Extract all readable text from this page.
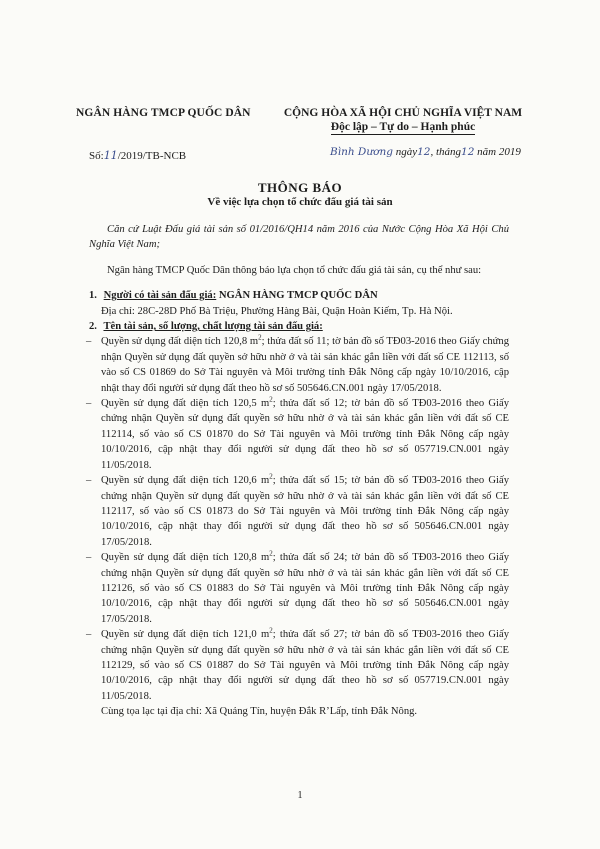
NGÂN HÀNG TMCP QUỐC DÂN	CỘNG HÒA XÃ HỘI CHỦ NGHĨA VIỆT NAM
Độc lập – Tự do – Hạnh phúc
Số:11/2019/TB-NCB	Bình Dương ngày12, tháng12 năm 2019
THÔNG BÁO
Về việc lựa chọn tổ chức đấu giá tài sản

Căn cứ Luật Đấu giá tài sản số 01/2016/QH14 năm 2016 của Nước Cộng Hòa Xã Hội Chủ Nghĩa Việt Nam;

Ngân hàng TMCP Quốc Dân thông báo lựa chọn tổ chức đấu giá tài sản, cụ thể như sau:

1. Người có tài sản đấu giá: NGÂN HÀNG TMCP QUỐC DÂN

Địa chỉ: 28C-28D Phố Bà Triệu, Phường Hàng Bài, Quận Hoàn Kiếm, Tp. Hà Nội.

2. Tên tài sản, số lượng, chất lượng tài sản đấu giá:

– Quyền sử dụng đất diện tích 120,8 $m^2$; thửa đất số 11; tờ bản đồ số TĐ03-2016 theo Giấy chứng nhận Quyền sử dụng đất quyền sở hữu nhờ ở và tài sản khác gắn liền với đất số CE 112113, số vào số CS 01869 do Sở Tài nguyên và Môi trường tỉnh Đắk Nông cấp ngày 10/10/2016, cập nhật thay đổi người sử dụng đất theo hồ sơ số 505646.CN.001 ngày 17/05/2018.

– Quyền sử dụng đất diện tích 120,5 $m^2$; thửa đất số 12; tờ bản đồ số TĐ03-2016 theo Giấy chứng nhận Quyền sử dụng đất quyền sở hữu nhờ ở và tài sản khác gắn liền với đất số CE 112114, số vào số CS 01870 do Sở Tài nguyên và Môi trường tỉnh Đắk Nông cấp ngày 10/10/2016, cập nhật thay đổi người sử dụng đất theo hồ sơ số 057719.CN.001 ngày 11/05/2018.

– Quyền sử dụng đất diện tích 120,6 $m^2$; thửa đất số 15; tờ bản đồ số TĐ03-2016 theo Giấy chứng nhận Quyền sử dụng đất quyền sở hữu nhờ ở và tài sản khác gắn liền với đất số CE 112117, số vào số CS 01873 do Sở Tài nguyên và Môi trường tỉnh Đắk Nông cấp ngày 10/10/2016, cập nhật thay đổi người sử dụng đất theo hồ sơ số 505646.CN.001 ngày 17/05/2018.

– Quyền sử dụng đất diện tích 120,8 $m^2$; thửa đất số 24; tờ bản đồ số TĐ03-2016 theo Giấy chứng nhận Quyền sử dụng đất quyền sở hữu nhờ ở và tài sản khác gắn liền với đất số CE 112126, số vào số CS 01883 do Sở Tài nguyên và Môi trường tỉnh Đắk Nông cấp ngày 10/10/2016, cập nhật thay đổi người sử dụng đất theo hồ sơ số 505646.CN.001 ngày 17/05/2018.

– Quyền sử dụng đất diện tích 121,0 $m^2$; thửa đất số 27; tờ bản đồ số TĐ03-2016 theo Giấy chứng nhận Quyền sử dụng đất quyền sở hữu nhờ ở và tài sản khác gắn liền với đất số CE 112129, số vào số CS 01887 do Sở Tài nguyên và Môi trường tỉnh Đắk Nông cấp ngày 10/10/2016, cập nhật thay đổi người sử dụng đất theo hồ sơ số 057719.CN.001 ngày 11/05/2018.

Cùng tọa lạc tại địa chỉ: Xã Quảng Tín, huyện Đắk R’Lấp, tỉnh Đắk Nông.

1
